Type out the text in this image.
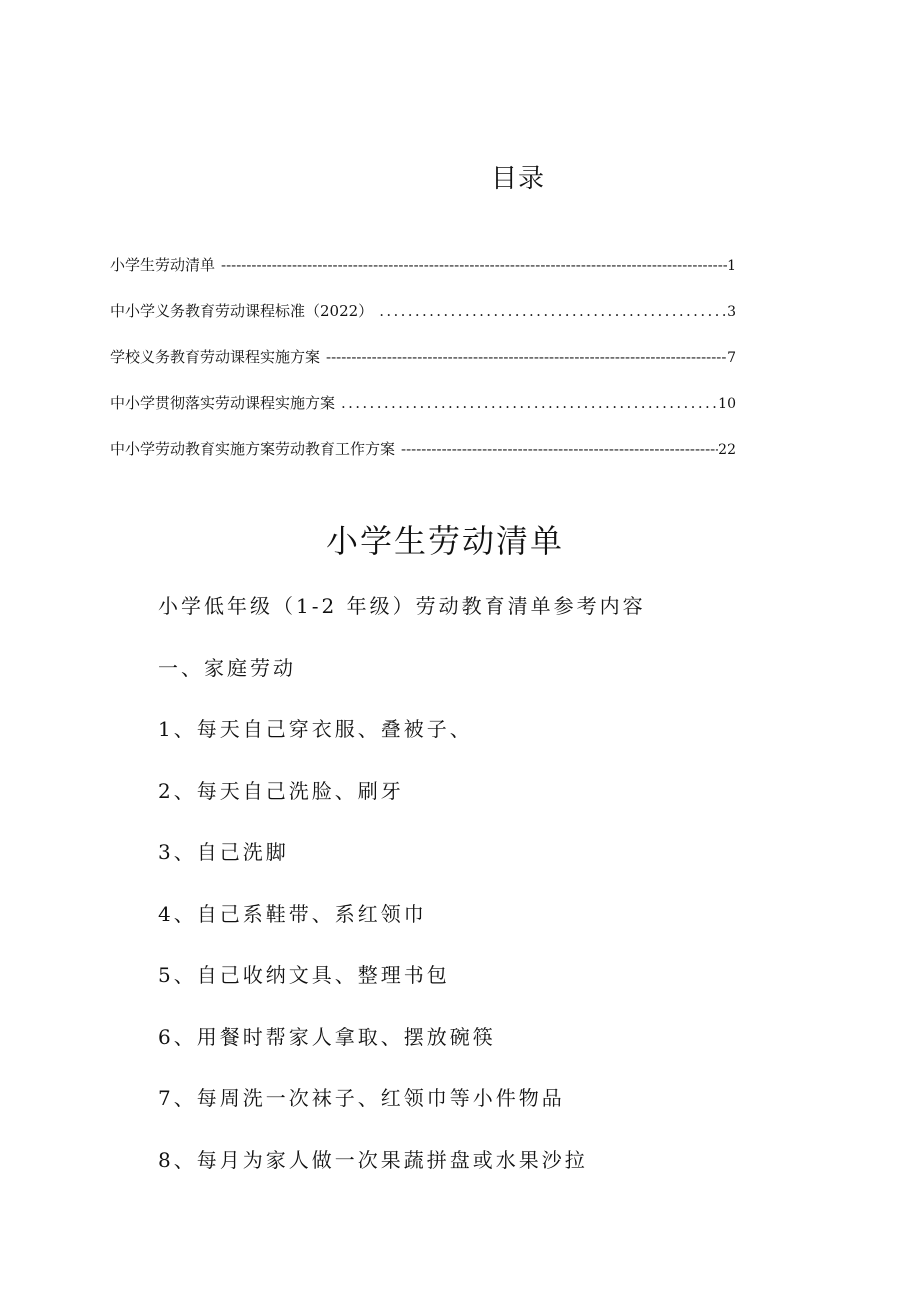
目录
小学生劳动清单 -----	1
中小学义务教育劳动课程标准（2022） . . .	3
学校义务教育劳动课程实施方案 -----	7
中小学贯彻落实劳动课程实施方案 . . .	10
中小学劳动教育实施方案劳动教育工作方案 -----	22
小学生劳动清单
小学低年级（1-2 年级）劳动教育清单参考内容
一、家庭劳动
1、每天自己穿衣服、叠被子、
2、每天自己洗脸、刷牙
3、自己洗脚
4、自己系鞋带、系红领巾
5、自己收纳文具、整理书包
6、用餐时帮家人拿取、摆放碗筷
7、每周洗一次袜子、红领巾等小件物品
8、每月为家人做一次果蔬拼盘或水果沙拉
